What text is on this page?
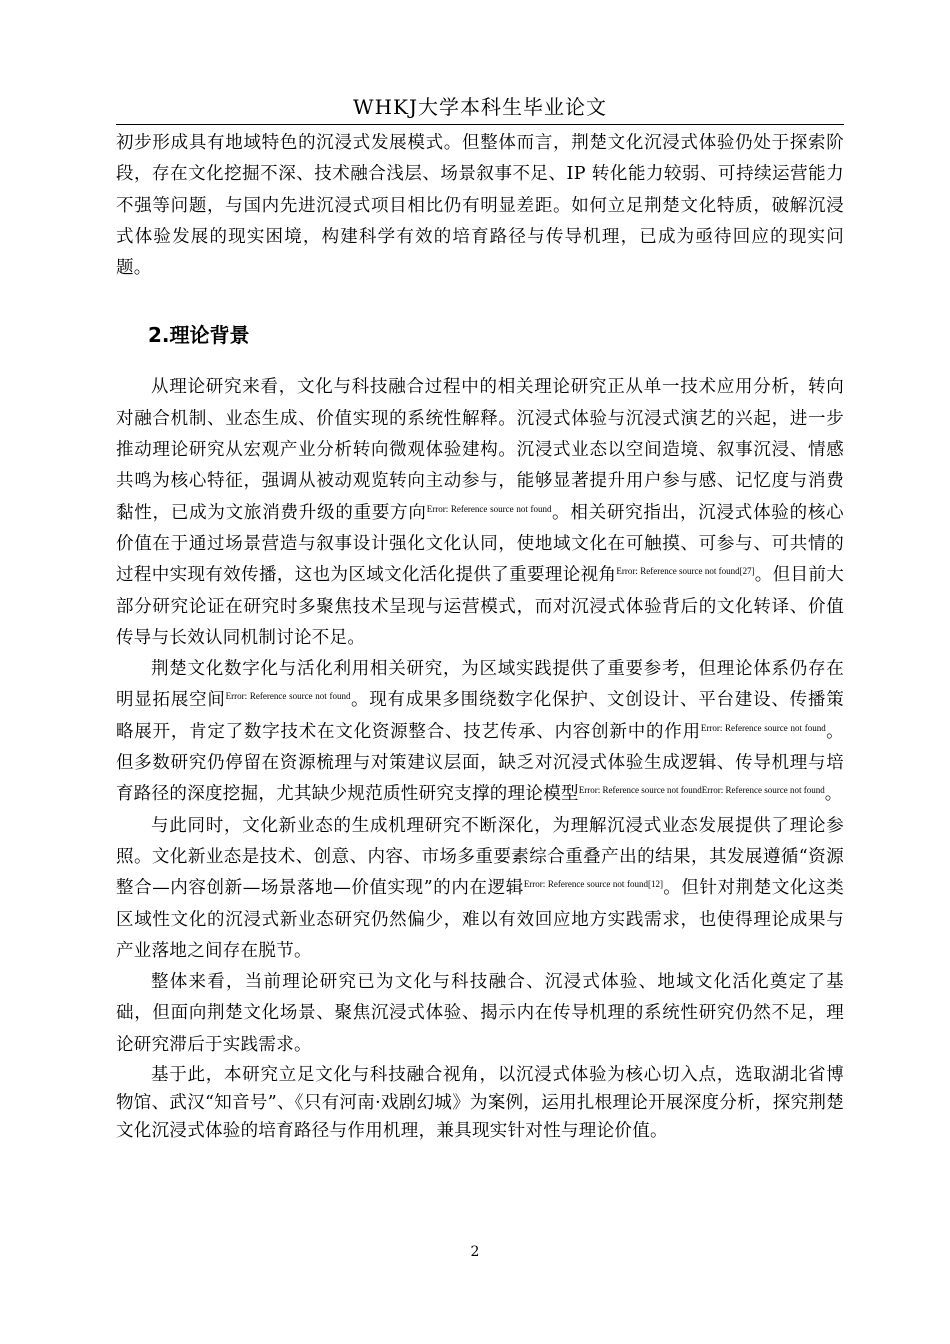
WHKJ大学本科生毕业论文

初步形成具有地域特色的沉浸式发展模式。但整体而言，荆楚文化沉浸式体验仍处于探索阶段，存在文化挖掘不深、技术融合浅层、场景叙事不足、IP 转化能力较弱、可持续运营能力不强等问题，与国内先进沉浸式项目相比仍有明显差距。如何立足荆楚文化特质，破解沉浸式体验发展的现实困境，构建科学有效的培育路径与传导机理，已成为亟待回应的现实问题。

2.理论背景

从理论研究来看，文化与科技融合过程中的相关理论研究正从单一技术应用分析，转向对融合机制、业态生成、价值实现的系统性解释。沉浸式体验与沉浸式演艺的兴起，进一步推动理论研究从宏观产业分析转向微观体验建构。沉浸式业态以空间造境、叙事沉浸、情感共鸣为核心特征，强调从被动观览转向主动参与，能够显著提升用户参与感、记忆度与消费黏性，已成为文旅消费升级的重要方向$^{Error: Reference source not found}$。相关研究指出，沉浸式体验的核心价值在于通过场景营造与叙事设计强化文化认同，使地域文化在可触摸、可参与、可共情的过程中实现有效传播，这也为区域文化活化提供了重要理论视角$^{Error: Reference source not found[27]}$。但目前大部分研究论证在研究时多聚焦技术呈现与运营模式，而对沉浸式体验背后的文化转译、价值传导与长效认同机制讨论不足。

荆楚文化数字化与活化利用相关研究，为区域实践提供了重要参考，但理论体系仍存在明显拓展空间$^{Error: Reference source not found}$。现有成果多围绕数字化保护、文创设计、平台建设、传播策略展开，肯定了数字技术在文化资源整合、技艺传承、内容创新中的作用$^{Error: Reference source not found}$。但多数研究仍停留在资源梳理与对策建议层面，缺乏对沉浸式体验生成逻辑、传导机理与培育路径的深度挖掘，尤其缺少规范质性研究支撑的理论模型$^{Error: Reference source not foundError: Reference source not found}$。

与此同时，文化新业态的生成机理研究不断深化，为理解沉浸式业态发展提供了理论参照。文化新业态是技术、创意、内容、市场多重要素综合重叠产出的结果，其发展遵循“资源整合—内容创新—场景落地—价值实现”的内在逻辑$^{Error: Reference source not found[12]}$。但针对荆楚文化这类区域性文化的沉浸式新业态研究仍然偏少，难以有效回应地方实践需求，也使得理论成果与产业落地之间存在脱节。

整体来看，当前理论研究已为文化与科技融合、沉浸式体验、地域文化活化奠定了基础，但面向荆楚文化场景、聚焦沉浸式体验、揭示内在传导机理的系统性研究仍然不足，理论研究滞后于实践需求。

基于此，本研究立足文化与科技融合视角，以沉浸式体验为核心切入点，选取湖北省博物馆、武汉“知音号”、《只有河南·戏剧幻城》为案例，运用扎根理论开展深度分析，探究荆楚文化沉浸式体验的培育路径与作用机理，兼具现实针对性与理论价值。

2
